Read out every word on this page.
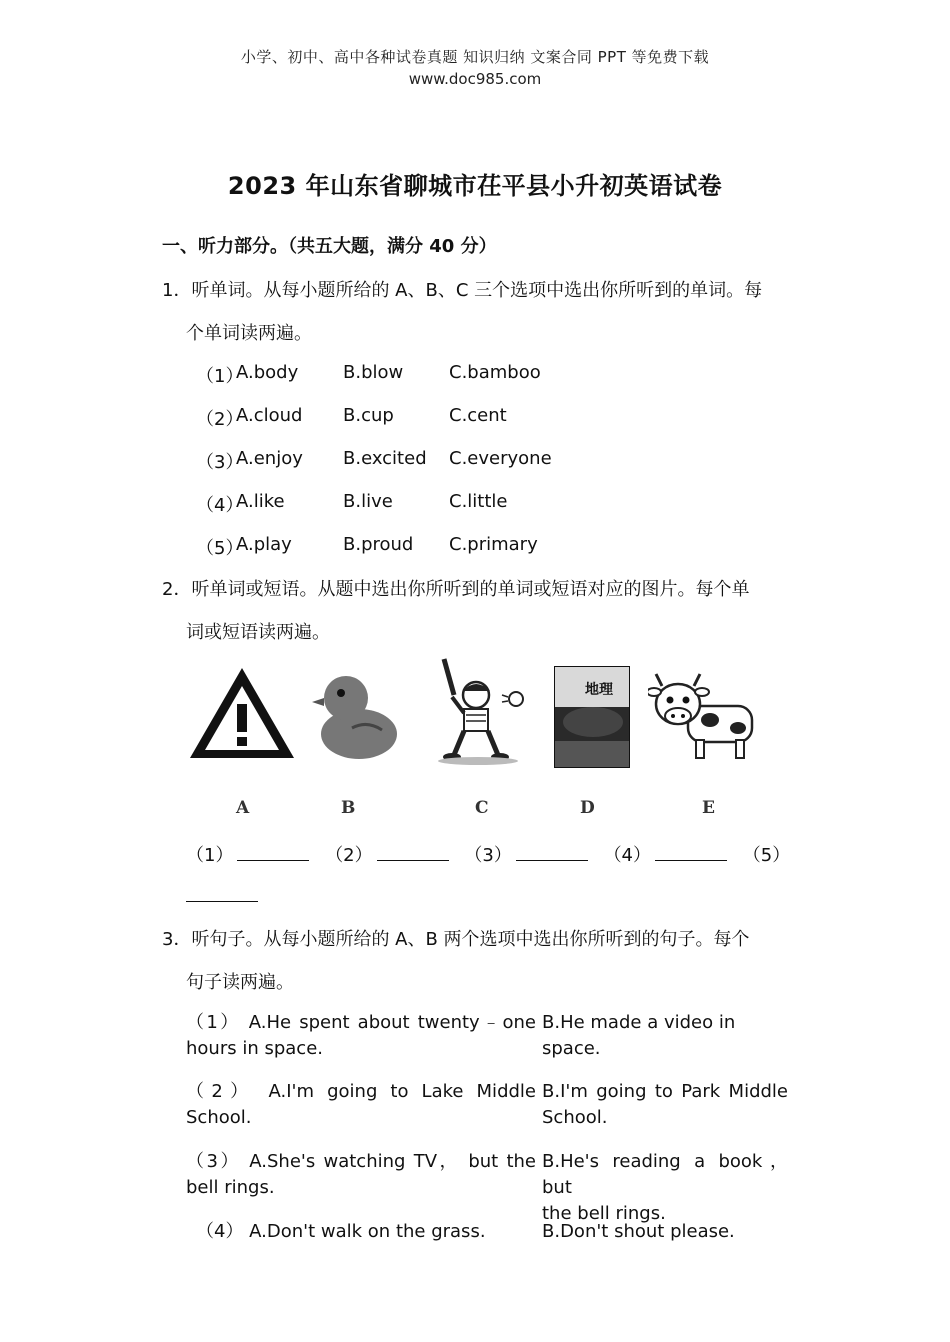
小学、初中、高中各种试卷真题 知识归纳 文案合同 PPT 等免费下载
www.doc985.com
2023 年山东省聊城市茌平县小升初英语试卷
一、听力部分。（共五大题，满分 40 分）
1．听单词。从每小题所给的 A、B、C 三个选项中选出你所听到的单词。每
个单词读两遍。
（1）
A.body B.blow	C.bamboo
（2）
A.cloud B.cup	C.cent
（3）
A.enjoy B.excited C.everyone
（4）
A.like	B.live	C.little
（5）
A.play	B.proud C.primary
2．听单词或短语。从题中选出你所听到的单词或短语对应的图片。每个单
词或短语读两遍。
地理
A	B	C	D	E
（1）	（2）	（3）	（4）	（5）
3．听句子。从每小题所给的 A、B 两个选项中选出你所听到的句子。每个
句子读两遍。
（1） A.He spent about twenty﹣one
hours in space.
B.He made a video in space.
（2） A.I'm going to Lake Middle
School.
B.I'm going to Park Middle
School.
（3） A.She's watching TV， but the
bell rings.
B.He's reading a book， but
the bell rings.
（4） A.Don't walk on the grass.	B.Don't shout please.
